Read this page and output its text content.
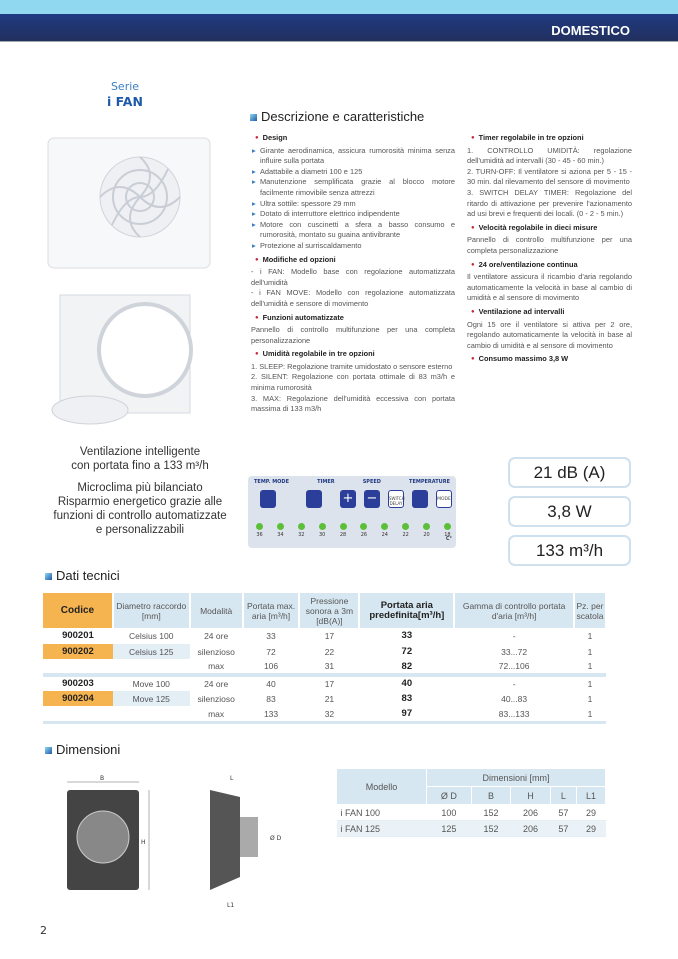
DOMESTICO
Serie
i FAN
Ventilazione intelligente
con portata fino a 133 m³/h
Microclima più bilanciato
Risparmio energetico grazie alle
funzioni di controllo automatizzate
e personalizzabili
Descrizione e caratteristiche
● Design
▸ Girante aerodinamica, assicura rumorosità minima senza influire sulla portata
▸ Adattabile a diametri 100 e 125
▸ Manutenzione semplificata grazie al blocco motore facilmente rimovibile senza attrezzi
▸ Ultra sottile: spessore 29 mm
▸ Dotato di interruttore elettrico indipendente
▸ Motore con cuscinetti a sfera a basso consumo e rumorosità, montato su guaina antivibrante
▸ Protezione al surriscaldamento
● Modifiche ed opzioni
- i FAN: Modello base con regolazione automatizzata dell'umidità
- i FAN MOVE: Modello con regolazione automatizzata dell'umidità e sensore di movimento
● Funzioni automatizzate
Pannello di controllo multifunzione per una completa personalizzazione
● Umidità regolabile in tre opzioni
1. SLEEP: Regolazione tramite umidostato o sensore esterno
2. SILENT: Regolazione con portata ottimale di 83 m3/h e minima rumorosità
3. MAX: Regolazione dell'umidità eccessiva con portata massima di 133 m3/h
● Timer regolabile in tre opzioni
1. CONTROLLO UMIDITÀ: regolazione dell'umidità ad intervalli (30 - 45 - 60 min.)
2. TURN-OFF: Il ventilatore si aziona per 5 - 15 - 30 min. dal rilevamento del sensore di movimento
3. SWITCH DELAY TIMER: Regolazione del ritardo di attivazione per prevenire l'azionamento ad usi brevi e frequenti dei locali. (0 - 2 - 5 min.)
● Velocità regolabile in dieci misure
Pannello di controllo multifunzione per una completa personalizzazione
● 24 ore/ventilazione continua
Il ventilatore assicura il ricambio d'aria regolando automaticamente la velocità in base al cambio di umidità e al sensore di movimento
● Ventilazione ad intervalli
Ogni 15 ore il ventilatore si attiva per 2 ore, regolando automaticamente la velocità in base al cambio di umidità e al sensore di movimento
● Consumo massimo 3,8 W
TEMP. MODE	TIMER	SPEED	TEMPERATURE
+ −	SWITCH DELAY
MODE
36	34	32	30	28	26	24	22	20	18
C°
21 dB (A)
3,8 W
133 m³/h
Dati tecnici
Codice	Diametro raccordo [mm]	Modalità	Portata max. aria [m³/h]	Pressione sonora a 3m [dB(A)]	Portata aria predefinita[m³/h]	Gamma di controllo portata d'aria [m³/h]	Pz. per scatola
900201	Celsius 100	24 ore	33	17	33	-	1
900202	Celsius 125	silenzioso	72	22	72	33...72	1
		max	106	31	82	72...106	1
900203	Move 100	24 ore	40	17	40	-	1
900204	Move 125	silenzioso	83	21	83	40...83	1
		max	133	32	97	83...133	1
Dimensioni
B
H
L
Ø D
L1
Modello	Dimensioni [mm]				
	Ø D	B	H	L	L1
i FAN 100	100	152	206	57	29
i FAN 125	125	152	206	57	29
2
